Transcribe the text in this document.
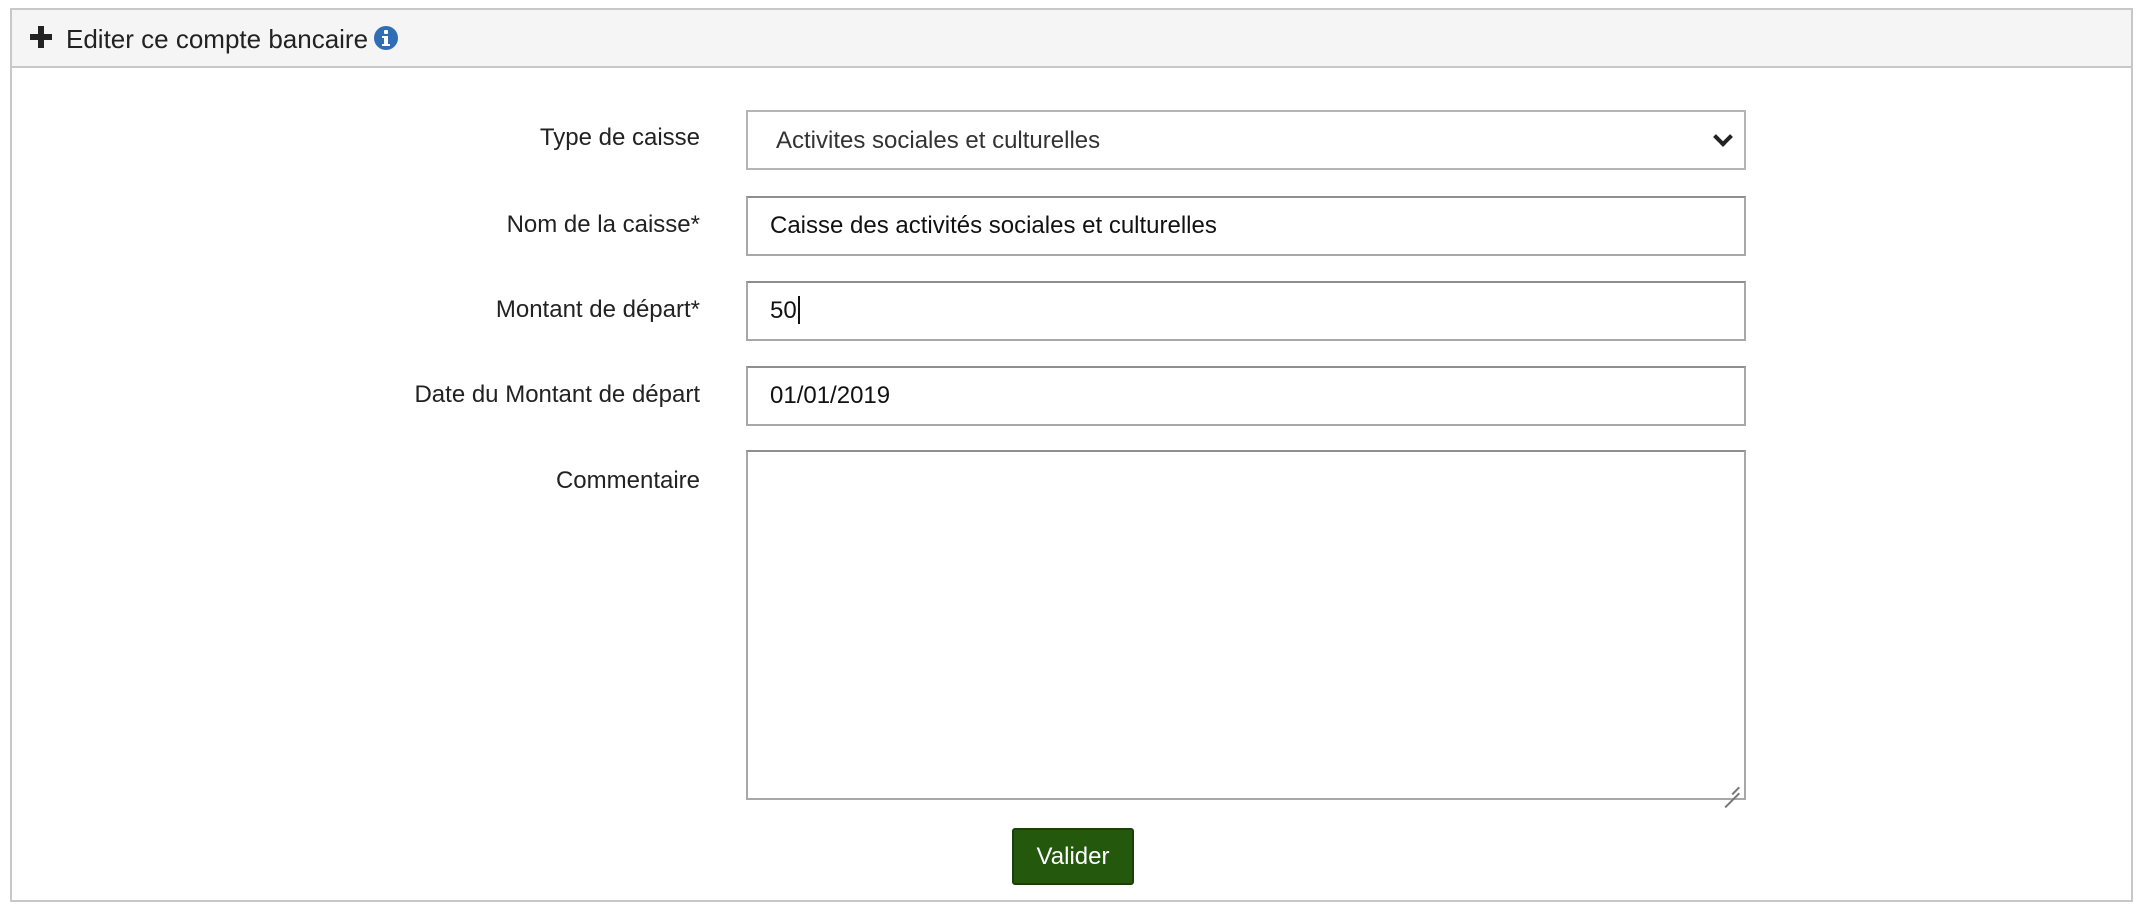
Editer ce compte bancaire
Type de caisse	Activites sociales et culturelles
Nom de la caisse*	Caisse des activités sociales et culturelles
Montant de départ*	50
Date du Montant de départ	01/01/2019
Commentaire
Valider
